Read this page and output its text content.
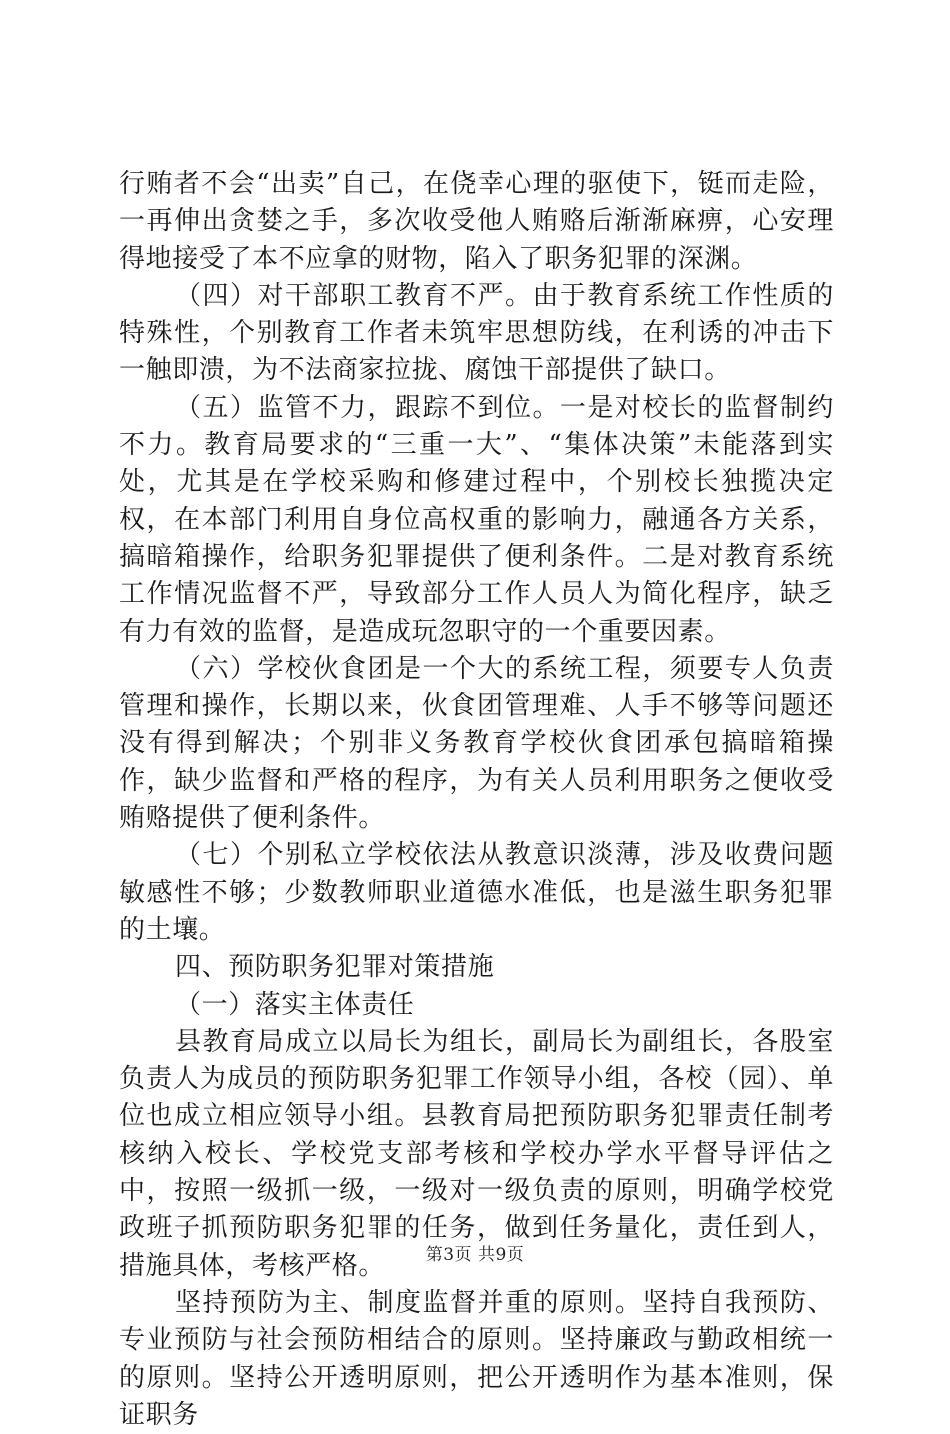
行贿者不会“出卖”自己，在侥幸心理的驱使下，铤而走险，一再伸出贪婪之手，多次收受他人贿赂后渐渐麻痹，心安理得地接受了本不应拿的财物，陷入了职务犯罪的深渊。

（四）对干部职工教育不严。由于教育系统工作性质的特殊性，个别教育工作者未筑牢思想防线，在利诱的冲击下一触即溃，为不法商家拉拢、腐蚀干部提供了缺口。

（五）监管不力，跟踪不到位。一是对校长的监督制约不力。教育局要求的“三重一大”、“集体决策”未能落到实处，尤其是在学校采购和修建过程中，个别校长独揽决定权，在本部门利用自身位高权重的影响力，融通各方关系，搞暗箱操作，给职务犯罪提供了便利条件。二是对教育系统工作情况监督不严，导致部分工作人员人为简化程序，缺乏有力有效的监督，是造成玩忽职守的一个重要因素。

（六）学校伙食团是一个大的系统工程，须要专人负责管理和操作，长期以来，伙食团管理难、人手不够等问题还没有得到解决；个别非义务教育学校伙食团承包搞暗箱操作，缺少监督和严格的程序，为有关人员利用职务之便收受贿赂提供了便利条件。

（七）个别私立学校依法从教意识淡薄，涉及收费问题敏感性不够；少数教师职业道德水准低，也是滋生职务犯罪的土壤。

四、预防职务犯罪对策措施

（一）落实主体责任

县教育局成立以局长为组长，副局长为副组长，各股室负责人为成员的预防职务犯罪工作领导小组，各校（园）、单位也成立相应领导小组。县教育局把预防职务犯罪责任制考核纳入校长、学校党支部考核和学校办学水平督导评估之中，按照一级抓一级，一级对一级负责的原则，明确学校党政班子抓预防职务犯罪的任务，做到任务量化，责任到人，措施具体，考核严格。

坚持预防为主、制度监督并重的原则。坚持自我预防、专业预防与社会预防相结合的原则。坚持廉政与勤政相统一的原则。坚持公开透明原则，把公开透明作为基本准则，保证职务

第3页 共9页
